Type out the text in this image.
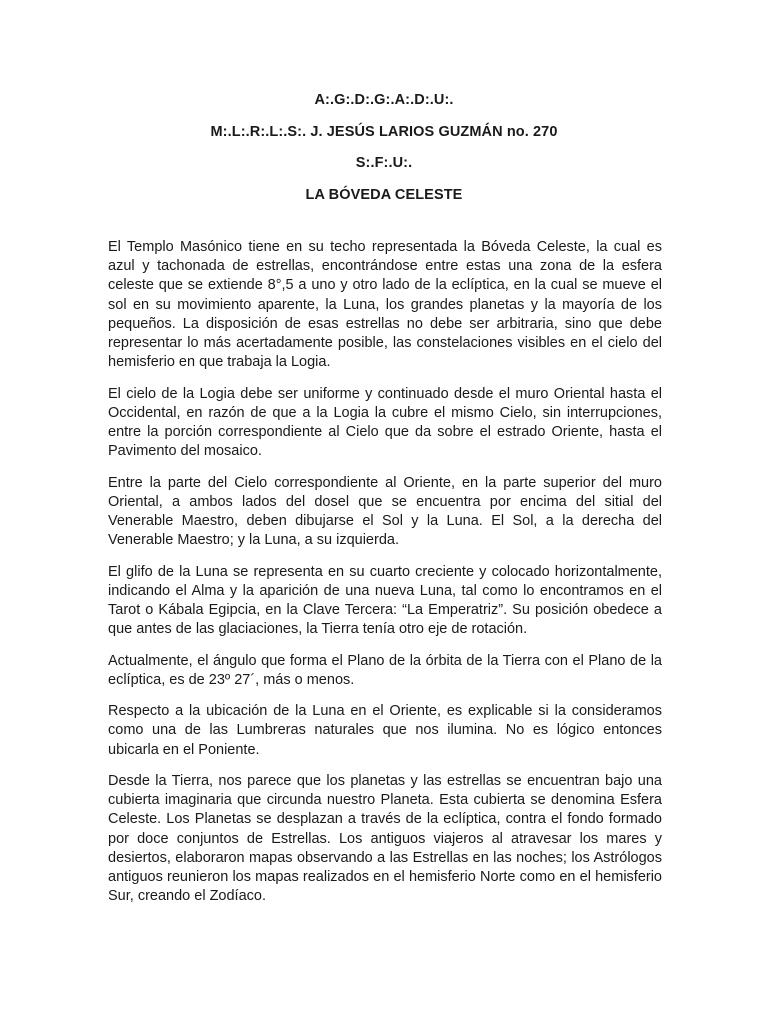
A:.G:.D:.G:.A:.D:.U:.
M:.L:.R:.L:.S:. J. JESÚS LARIOS GUZMÁN no. 270
S:.F:.U:.
LA BÓVEDA CELESTE

El Templo Masónico tiene en su techo representada la Bóveda Celeste, la cual es azul y tachonada de estrellas, encontrándose entre estas una zona de la esfera celeste que se extiende 8°,5 a uno y otro lado de la eclíptica, en la cual se mueve el sol en su movimiento aparente, la Luna, los grandes planetas y la mayoría de los pequeños. La disposición de esas estrellas no debe ser arbitraria, sino que debe representar lo más acertadamente posible, las constelaciones visibles en el cielo del hemisferio en que trabaja la Logia.

El cielo de la Logia debe ser uniforme y continuado desde el muro Oriental hasta el Occidental, en razón de que a la Logia la cubre el mismo Cielo, sin interrupciones, entre la porción correspondiente al Cielo que da sobre el estrado Oriente, hasta el Pavimento del mosaico.

Entre la parte del Cielo correspondiente al Oriente, en la parte superior del muro Oriental, a ambos lados del dosel que se encuentra por encima del sitial del Venerable Maestro, deben dibujarse el Sol y la Luna. El Sol, a la derecha del Venerable Maestro; y la Luna, a su izquierda.

El glifo de la Luna se representa en su cuarto creciente y colocado horizontalmente, indicando el Alma y la aparición de una nueva Luna, tal como lo encontramos en el Tarot o Kábala Egipcia, en la Clave Tercera: “La Emperatriz”. Su posición obedece a que antes de las glaciaciones, la Tierra tenía otro eje de rotación.

Actualmente, el ángulo que forma el Plano de la órbita de la Tierra con el Plano de la eclíptica, es de 23º 27´, más o menos.

Respecto a la ubicación de la Luna en el Oriente, es explicable si la consideramos como una de las Lumbreras naturales que nos ilumina. No es lógico entonces ubicarla en el Poniente.

Desde la Tierra, nos parece que los planetas y las estrellas se encuentran bajo una cubierta imaginaria que circunda nuestro Planeta. Esta cubierta se denomina Esfera Celeste. Los Planetas se desplazan a través de la eclíptica, contra el fondo formado por doce conjuntos de Estrellas. Los antiguos viajeros al atravesar los mares y desiertos, elaboraron mapas observando a las Estrellas en las noches; los Astrólogos antiguos reunieron los mapas realizados en el hemisferio Norte como en el hemisferio Sur, creando el Zodíaco.
